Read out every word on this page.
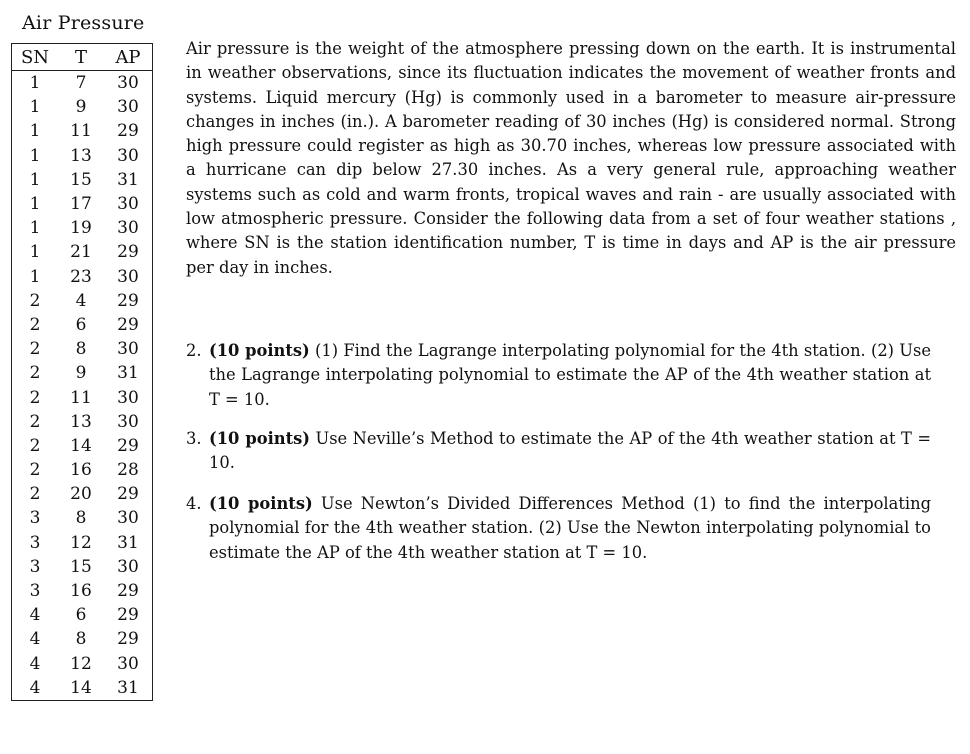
Air Pressure
SN	T	AP
1	7	30
1	9	30
1	11	29
1	13	30
1	15	31
1	17	30
1	19	30
1	21	29
1	23	30
2	4	29
2	6	29
2	8	30
2	9	31
2	11	30
2	13	30
2	14	29
2	16	28
2	20	29
3	8	30
3	12	31
3	15	30
3	16	29
4	6	29
4	8	29
4	12	30
4	14	31

Air pressure is the weight of the atmosphere pressing down on the earth. It is instrumental in weather observations, since its fluctuation indicates the movement of weather fronts and systems. Liquid mercury (Hg) is commonly used in a barometer to measure air-pressure changes in inches (in.). A barometer reading of 30 inches (Hg) is considered normal. Strong high pressure could register as high as 30.70 inches, whereas low pressure associated with a hurricane can dip below 27.30 inches. As a very general rule, approaching weather systems such as cold and warm fronts, tropical waves and rain - are usually associated with low atmospheric pressure. Consider the following data from a set of four weather stations , where SN is the station identification number, T is time in days and AP is the air pressure per day in inches.

2. (10 points) (1) Find the Lagrange interpolating polynomial for the 4th station. (2) Use the Lagrange interpolating polynomial to estimate the AP of the 4th weather station at T = 10.
3. (10 points) Use Neville’s Method to estimate the AP of the 4th weather station at T = 10.
4. (10 points) Use Newton’s Divided Differences Method (1) to find the interpolating polynomial for the 4th weather station. (2) Use the Newton interpolating polynomial to estimate the AP of the 4th weather station at T = 10.
